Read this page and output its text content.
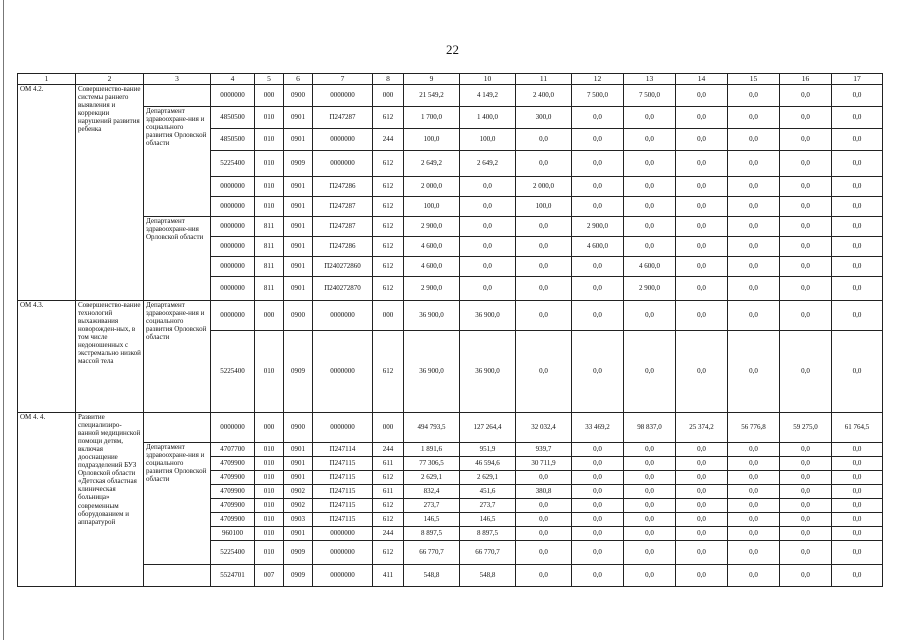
22
1	2	3	4	5	6	7	8	9	10	11	12	13	14	15	16	17
ОМ 4.2.	Совершенство-вание системы раннего выявления и коррекции нарушений развития ребенка		0000000	000	0900	0000000	000	21 549,2	4 149,2	2 400,0	7 500,0	7 500,0	0,0	0,0	0,0	0,0
		Департамент здравоохране-ния и социального развития Орловской области	4850500	010	0901	П247287	612	1 700,0	1 400,0	300,0	0,0	0,0	0,0	0,0	0,0	0,0
			4850500	010	0901	0000000	244	100,0	100,0	0,0	0,0	0,0	0,0	0,0	0,0	0,0
			5225400	010	0909	0000000	612	2 649,2	2 649,2	0,0	0,0	0,0	0,0	0,0	0,0	0,0
			0000000	010	0901	П247286	612	2 000,0	0,0	2 000,0	0,0	0,0	0,0	0,0	0,0	0,0
			0000000	010	0901	П247287	612	100,0	0,0	100,0	0,0	0,0	0,0	0,0	0,0	0,0
		Департамент здравоохране-ния Орловской области	0000000	811	0901	П247287	612	2 900,0	0,0	0,0	2 900,0	0,0	0,0	0,0	0,0	0,0
			0000000	811	0901	П247286	612	4 600,0	0,0	0,0	4 600,0	0,0	0,0	0,0	0,0	0,0
			0000000	811	0901	П240272860	612	4 600,0	0,0	0,0	0,0	4 600,0	0,0	0,0	0,0	0,0
			0000000	811	0901	П240272870	612	2 900,0	0,0	0,0	0,0	2 900,0	0,0	0,0	0,0	0,0
ОМ 4.3.	Совершенство-вание технологий выхаживания новорожден-ных, в том числе недоношенных с экстремально низкой массой тела	Департамент здравоохране-ния и социального развития Орловской области	0000000	000	0900	0000000	000	36 900,0	36 900,0	0,0	0,0	0,0	0,0	0,0	0,0	0,0
			5225400	010	0909	0000000	612	36 900,0	36 900,0	0,0	0,0	0,0	0,0	0,0	0,0	0,0
ОМ 4. 4.	Развитие специализиро-ванной медицинской помощи детям, включая дооснащение подразделений БУЗ Орловской области «Детская областная клиническая больница» современным оборудованием и аппаратурой		0000000	000	0900	0000000	000	494 793,5	127 264,4	32 032,4	33 469,2	98 837,0	25 374,2	56 776,8	59 275,0	61 764,5
		Департамент здравоохране-ния и социального развития Орловской области	4707700	010	0901	П247114	244	1 891,6	951,9	939,7	0,0	0,0	0,0	0,0	0,0	0,0
			4709900	010	0901	П247115	611	77 306,5	46 594,6	30 711,9	0,0	0,0	0,0	0,0	0,0	0,0
			4709900	010	0901	П247115	612	2 629,1	2 629,1	0,0	0,0	0,0	0,0	0,0	0,0	0,0
			4709900	010	0902	П247115	611	832,4	451,6	380,8	0,0	0,0	0,0	0,0	0,0	0,0
			4709900	010	0902	П247115	612	273,7	273,7	0,0	0,0	0,0	0,0	0,0	0,0	0,0
			4709900	010	0903	П247115	612	146,5	146,5	0,0	0,0	0,0	0,0	0,0	0,0	0,0
			960100	010	0901	0000000	244	8 897,5	8 897,5	0,0	0,0	0,0	0,0	0,0	0,0	0,0
			5225400	010	0909	0000000	612	66 770,7	66 770,7	0,0	0,0	0,0	0,0	0,0	0,0	0,0
			5524701	007	0909	0000000	411	548,8	548,8	0,0	0,0	0,0	0,0	0,0	0,0	0,0
